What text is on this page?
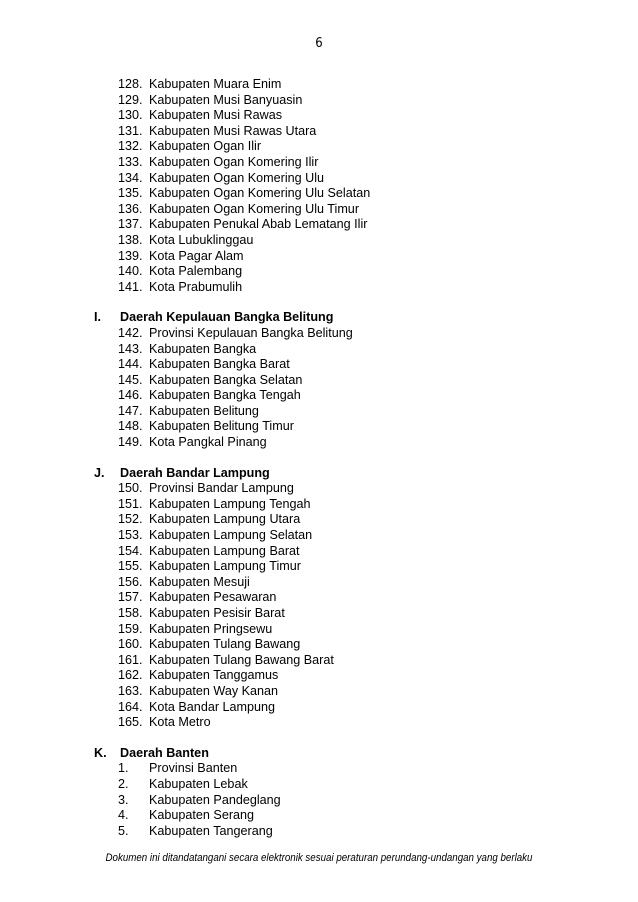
6
128. Kabupaten Muara Enim
129. Kabupaten Musi Banyuasin
130. Kabupaten Musi Rawas
131. Kabupaten Musi Rawas Utara
132. Kabupaten Ogan Ilir
133. Kabupaten Ogan Komering Ilir
134. Kabupaten Ogan Komering Ulu
135. Kabupaten Ogan Komering Ulu Selatan
136. Kabupaten Ogan Komering Ulu Timur
137. Kabupaten Penukal Abab Lematang Ilir
138. Kota Lubuklinggau
139. Kota Pagar Alam
140. Kota Palembang
141. Kota Prabumulih
I. Daerah Kepulauan Bangka Belitung
142. Provinsi Kepulauan Bangka Belitung
143. Kabupaten Bangka
144. Kabupaten Bangka Barat
145. Kabupaten Bangka Selatan
146. Kabupaten Bangka Tengah
147. Kabupaten Belitung
148. Kabupaten Belitung Timur
149. Kota Pangkal Pinang
J. Daerah Bandar Lampung
150. Provinsi Bandar Lampung
151. Kabupaten Lampung Tengah
152. Kabupaten Lampung Utara
153. Kabupaten Lampung Selatan
154. Kabupaten Lampung Barat
155. Kabupaten Lampung Timur
156. Kabupaten Mesuji
157. Kabupaten Pesawaran
158. Kabupaten Pesisir Barat
159. Kabupaten Pringsewu
160. Kabupaten Tulang Bawang
161. Kabupaten Tulang Bawang Barat
162. Kabupaten Tanggamus
163. Kabupaten Way Kanan
164. Kota Bandar Lampung
165. Kota Metro
K. Daerah Banten
1. Provinsi Banten
2. Kabupaten Lebak
3. Kabupaten Pandeglang
4. Kabupaten Serang
5. Kabupaten Tangerang
Dokumen ini ditandatangani secara elektronik sesuai peraturan perundang-undangan yang berlaku
